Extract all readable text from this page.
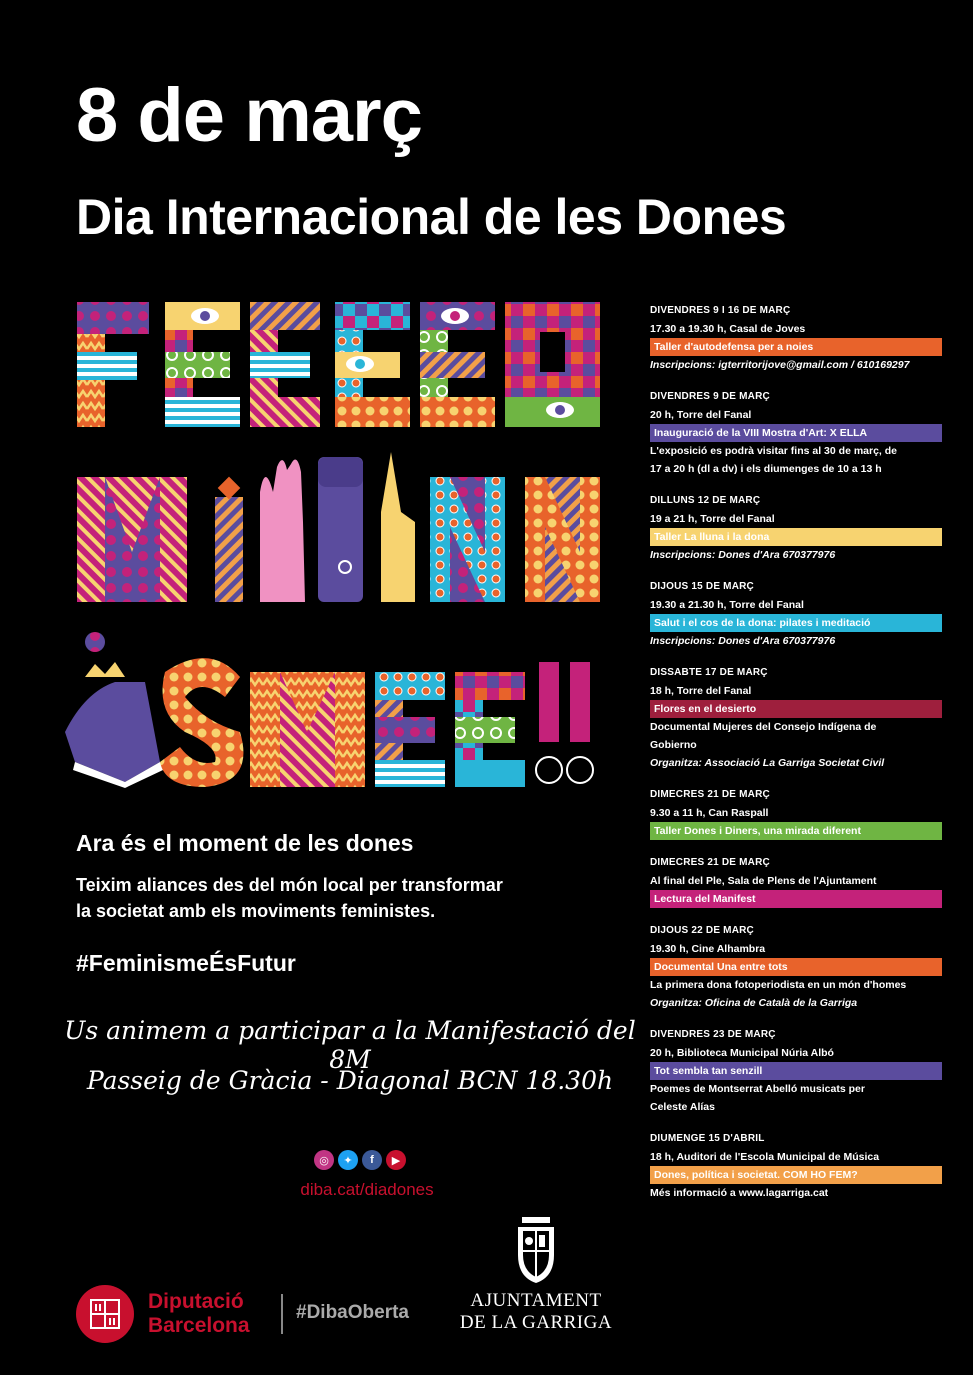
8 de març
Dia Internacional de les Dones
DIVENDRES 9 I 16 DE MARÇ
17.30 a 19.30 h, Casal de Joves
Taller d'autodefensa per a noies
Inscripcions: igterritorijove@gmail.com / 610169297
DIVENDRES 9 DE MARÇ
20 h, Torre del Fanal
Inauguració de la VIII Mostra d'Art: X ELLA
L'exposició es podrà visitar fins al 30 de març, de
17 a 20 h (dl a dv) i els diumenges de 10 a 13 h
DILLUNS 12 DE MARÇ
19 a 21 h, Torre del Fanal
Taller La lluna i la dona
Inscripcions: Dones d'Ara 670377976
DIJOUS 15 DE MARÇ
19.30 a 21.30 h, Torre del Fanal
Salut i el cos de la dona: pilates i meditació
Inscripcions: Dones d'Ara 670377976
DISSABTE 17 DE MARÇ
18 h, Torre del Fanal
Flores en el desierto
Documental Mujeres del Consejo Indígena de
Gobierno
Organitza: Associació La Garriga Societat Civil
DIMECRES 21 DE MARÇ
9.30 a 11 h, Can Raspall
Taller Dones i Diners, una mirada diferent
DIMECRES 21 DE MARÇ
Al final del Ple, Sala de Plens de l'Ajuntament
Lectura del Manifest
DIJOUS 22 DE MARÇ
19.30 h, Cine Alhambra
Documental Una entre tots
La primera dona fotoperiodista en un món d'homes
Organitza: Oficina de Català de la Garriga
DIVENDRES 23 DE MARÇ
20 h, Biblioteca Municipal Núria Albó
Tot sembla tan senzill
Poemes de Montserrat Abelló musicats per
Celeste Alías
DIUMENGE 15 D'ABRIL
18 h, Auditori de l'Escola Municipal de Música
Dones, política i societat. COM HO FEM?
Més informació a www.lagarriga.cat
Ara és el moment de les dones
Teixim aliances des del món local per transformar
la societat amb els moviments feministes.
#FeminismeÉsFutur
Us animem a participar a la Manifestació del 8M
Passeig de Gràcia - Diagonal BCN 18.30h
◎	✦	f	▶
diba.cat/diadones
Diputació
Barcelona
#DibaOberta
AJUNTAMENT
DE LA GARRIGA
